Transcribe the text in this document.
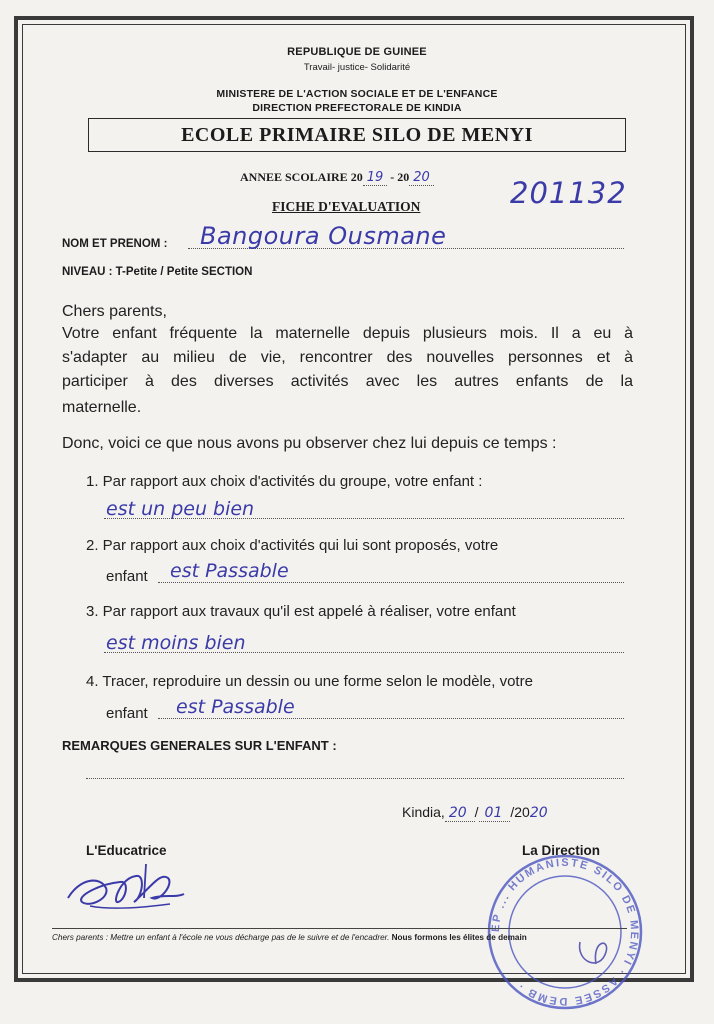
REPUBLIQUE DE GUINEE
Travail- justice- Solidarité
MINISTERE DE L'ACTION SOCIALE ET DE L'ENFANCE
DIRECTION PREFECTORALE DE KINDIA
ECOLE PRIMAIRE SILO DE MENYI
ANNEE SCOLAIRE 20 19 - 20 20	201132
FICHE D'EVALUATION
NOM ET PRENOM : Bangoura Ousmane
NIVEAU : T-Petite / Petite SECTION
Chers parents,
Votre enfant fréquente la maternelle depuis plusieurs mois. Il a eu à
s'adapter au milieu de vie, rencontrer des nouvelles personnes et à
participer à des diverses activités avec les autres enfants de la
maternelle.
Donc, voici ce que nous avons pu observer chez lui depuis ce temps :
1. Par rapport aux choix d'activités du groupe, votre enfant :
est un peu bien
2. Par rapport aux choix d'activités qui lui sont proposés, votre
enfant est Passable
3. Par rapport aux travaux qu'il est appelé à réaliser, votre enfant
est moins bien
4. Tracer, reproduire un dessin ou une forme selon le modèle, votre
enfant est Passable
REMARQUES GENERALES SUR L'ENFANT :
Kindia, 20 / 01 /2020
L'Educatrice	La Direction
EP ... HUMANISTE SILO DE MENYI · ASSÉE DEMB ·
Chers parents : Mettre un enfant à l'école ne vous décharge pas de le suivre et de l'encadrer. Nous formons les élites de demain
